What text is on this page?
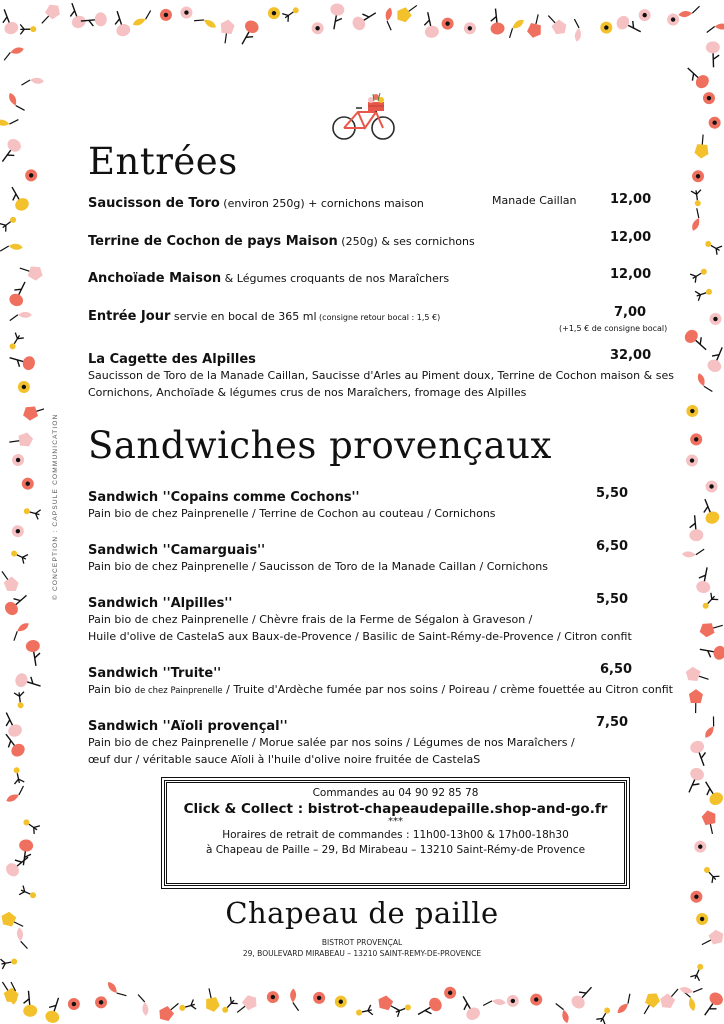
© CONCEPTION : CAPSULE COMMUNICATION
Entrées
Saucisson de Toro (environ 250g) + cornichons maison	Manade Caillan	12,00
Terrine de Cochon de pays Maison (250g) & ses cornichons	12,00
Anchoïade Maison & Légumes croquants de nos Maraîchers	12,00
Entrée Jour servie en bocal de 365 ml (consigne retour bocal : 1,5 €)	7,00
(+1,5 € de consigne bocal)
La Cagette des Alpilles	32,00
Saucisson de Toro de la Manade Caillan, Saucisse d'Arles au Piment doux, Terrine de Cochon maison & ses
Cornichons, Anchoïade & légumes crus de nos Maraîchers, fromage des Alpilles
Sandwiches provençaux
Sandwich ''Copains comme Cochons''	5,50
Pain bio de chez Painprenelle / Terrine de Cochon au couteau / Cornichons
Sandwich ''Camarguais''	6,50
Pain bio de chez Painprenelle / Saucisson de Toro de la Manade Caillan / Cornichons
Sandwich ''Alpilles''	5,50
Pain bio de chez Painprenelle / Chèvre frais de la Ferme de Ségalon à Graveson /
Huile d'olive de CastelaS aux Baux-de-Provence / Basilic de Saint-Rémy-de-Provence / Citron confit
Sandwich ''Truite''	6,50
Pain bio de chez Painprenelle / Truite d'Ardèche fumée par nos soins / Poireau / crème fouettée au Citron confit
Sandwich ''Aïoli provençal''	7,50
Pain bio de chez Painprenelle / Morue salée par nos soins / Légumes de nos Maraîchers /
œuf dur / véritable sauce Aïoli à l'huile d'olive noire fruitée de CastelaS
Commandes au 04 90 92 85 78
Click & Collect : bistrot-chapeaudepaille.shop-and-go.fr
***
Horaires de retrait de commandes : 11h00-13h00 & 17h00-18h30
à Chapeau de Paille – 29, Bd Mirabeau – 13210 Saint-Rémy-de Provence
Chapeau de paille
BISTROT PROVENÇAL
29, BOULEVARD MIRABEAU – 13210 SAINT-REMY-DE-PROVENCE
